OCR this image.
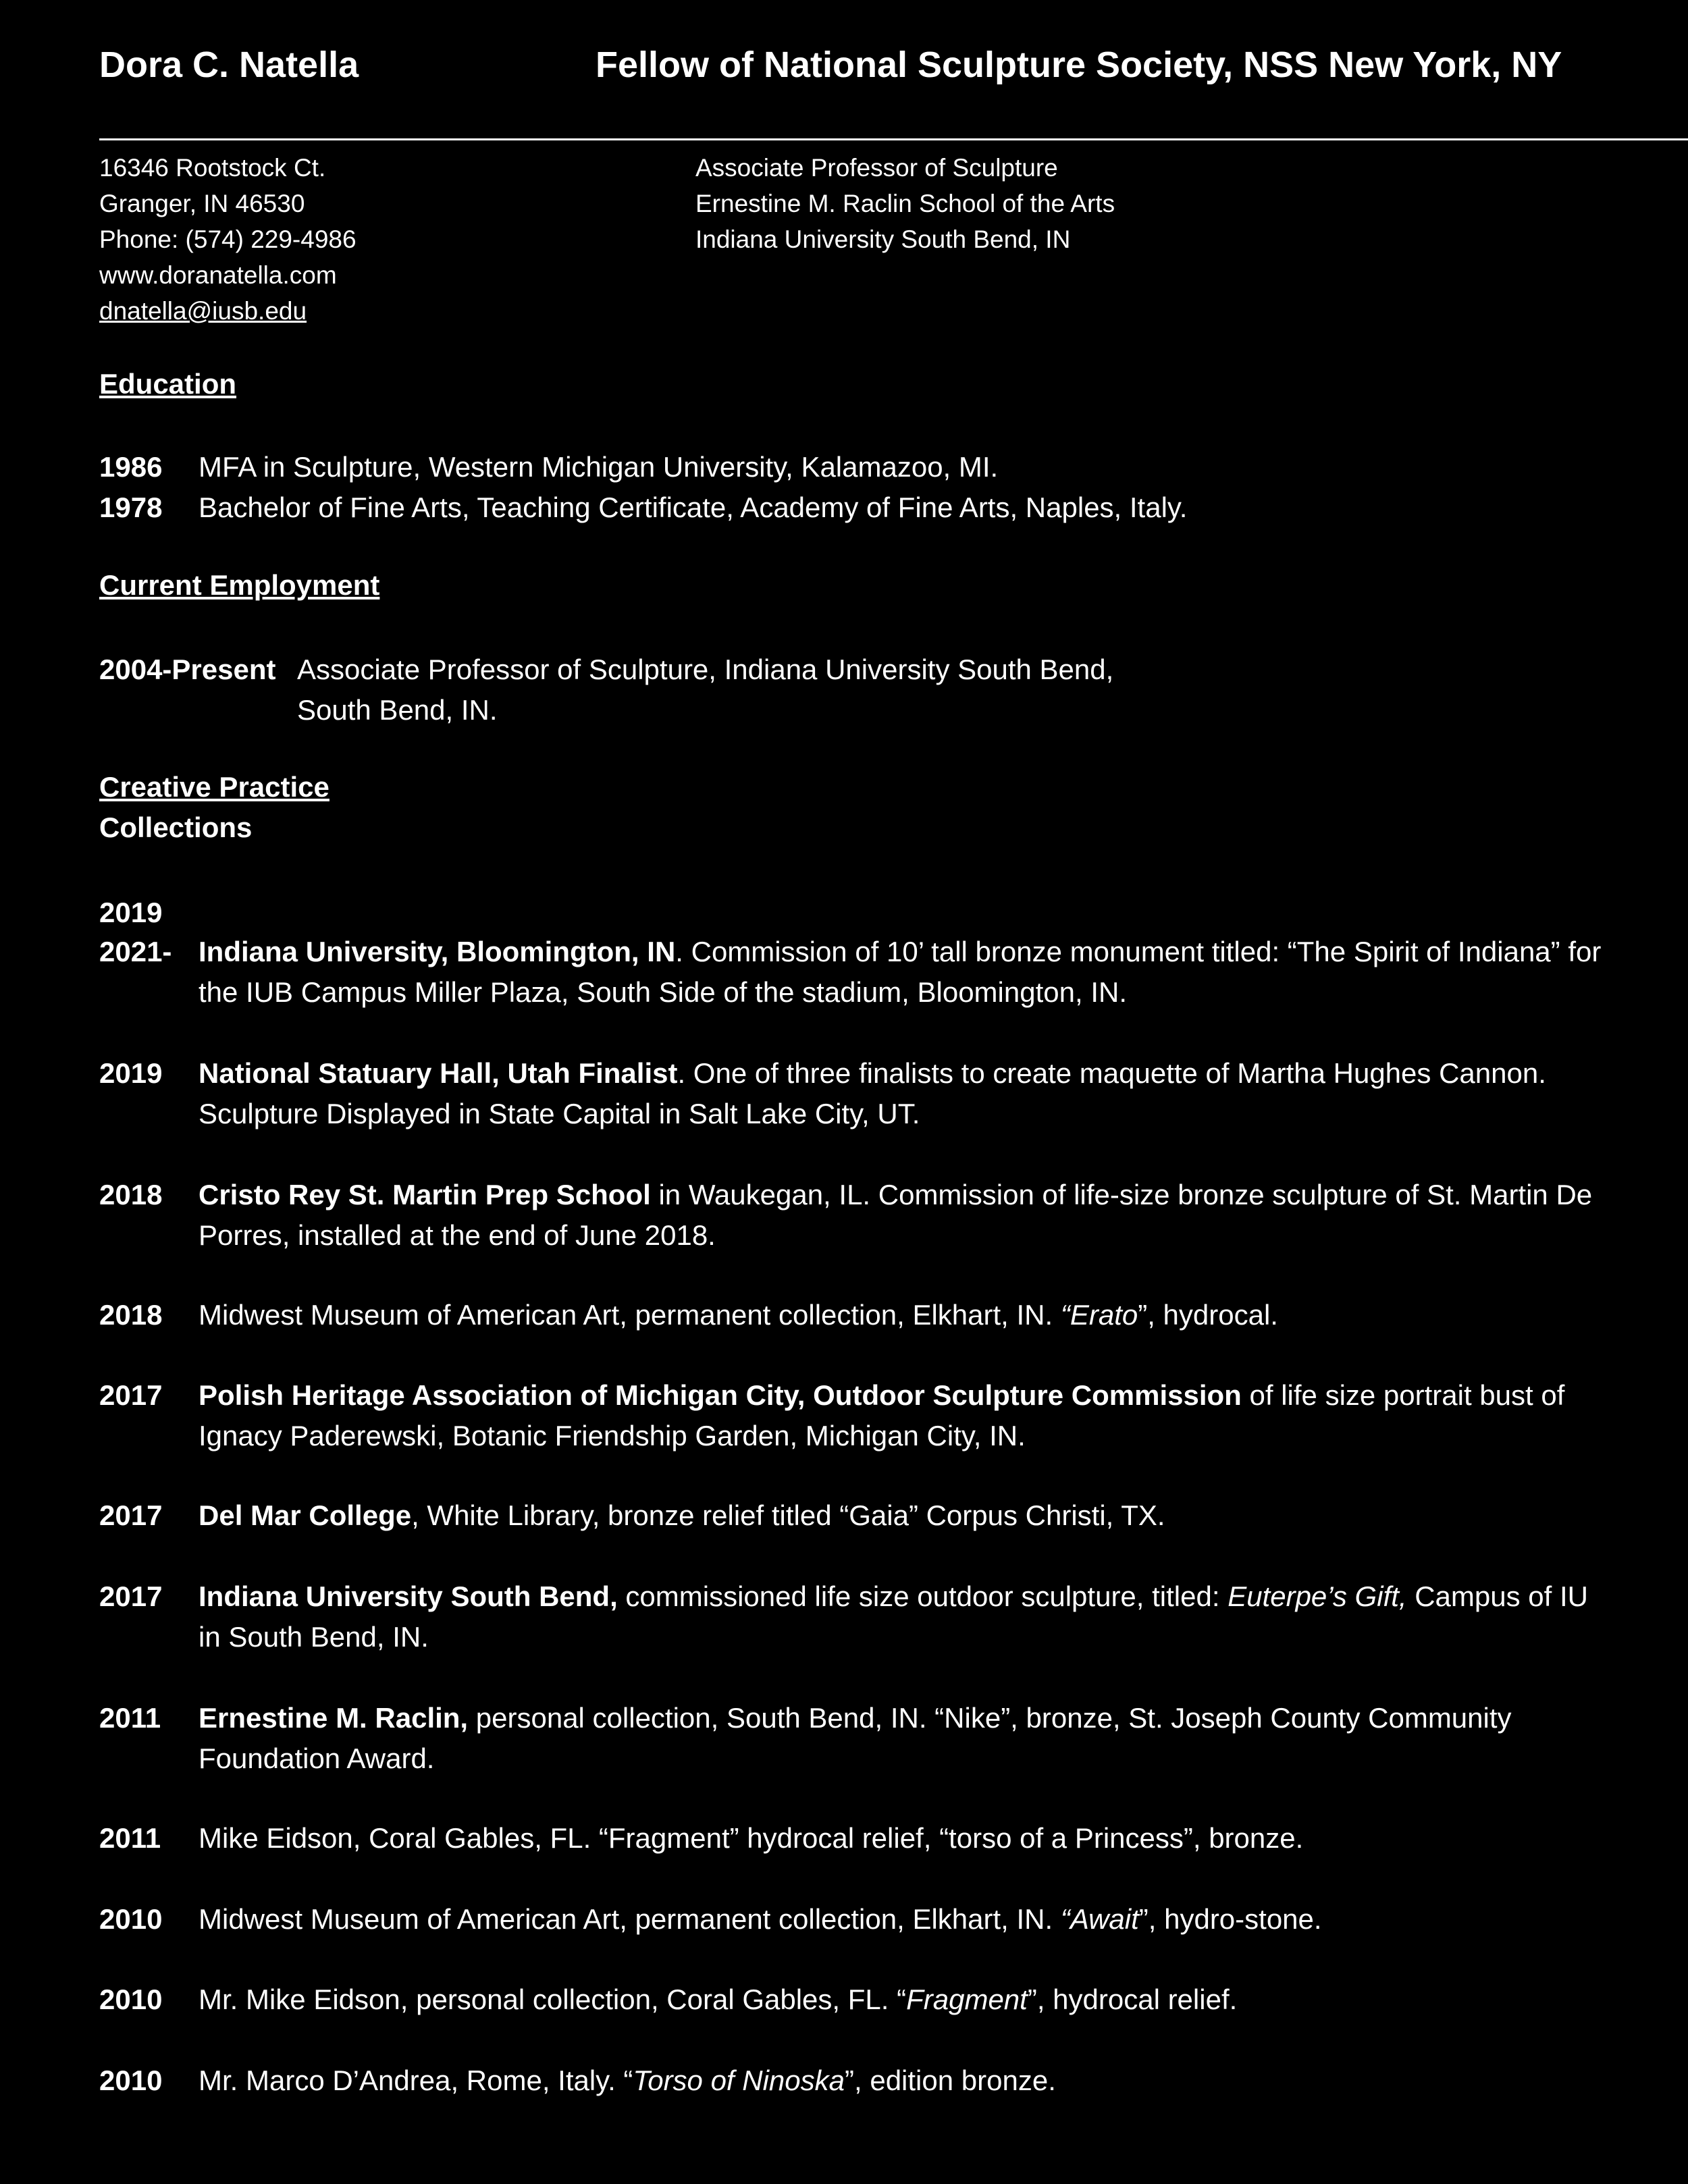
Dora C. Natella	Fellow of National Sculpture Society, NSS New York, NY
16346 Rootstock Ct.
Granger, IN 46530
Phone: (574) 229-4986
www.doranatella.com
dnatella@iusb.edu
Associate Professor of Sculpture
Ernestine M. Raclin School of the Arts
Indiana University South Bend, IN
Education
1986	MFA in Sculpture, Western Michigan University, Kalamazoo, MI.
1978	Bachelor of Fine Arts, Teaching Certificate, Academy of Fine Arts, Naples, Italy.
Current Employment
2004-Present Associate Professor of Sculpture, Indiana University South Bend,
South Bend, IN.
Creative Practice
Collections
2019
2021- Indiana University, Bloomington, IN. Commission of 10’ tall bronze monument titled: “The Spirit of Indiana” for the IUB Campus Miller Plaza, South Side of the stadium, Bloomington, IN.
2019	National Statuary Hall, Utah Finalist. One of three finalists to create maquette of Martha Hughes Cannon. Sculpture Displayed in State Capital in Salt Lake City, UT.
2018	Cristo Rey St. Martin Prep School in Waukegan, IL. Commission of life-size bronze sculpture of St. Martin De Porres, installed at the end of June 2018.
2018	Midwest Museum of American Art, permanent collection, Elkhart, IN. “Erato”, hydrocal.
2017	Polish Heritage Association of Michigan City, Outdoor Sculpture Commission of life size portrait bust of Ignacy Paderewski, Botanic Friendship Garden, Michigan City, IN.
2017	Del Mar College, White Library, bronze relief titled “Gaia” Corpus Christi, TX.
2017	Indiana University South Bend, commissioned life size outdoor sculpture, titled: Euterpe’s Gift, Campus of IU in South Bend, IN.
2011	Ernestine M. Raclin, personal collection, South Bend, IN. “Nike”, bronze, St. Joseph County Community Foundation Award.
2011	Mike Eidson, Coral Gables, FL. “Fragment” hydrocal relief, “torso of a Princess”, bronze.
2010	Midwest Museum of American Art, permanent collection, Elkhart, IN. “Await”, hydro-stone.
2010	Mr. Mike Eidson, personal collection, Coral Gables, FL. “Fragment”, hydrocal relief.
2010	Mr. Marco D’Andrea, Rome, Italy. “Torso of Ninoska”, edition bronze.
